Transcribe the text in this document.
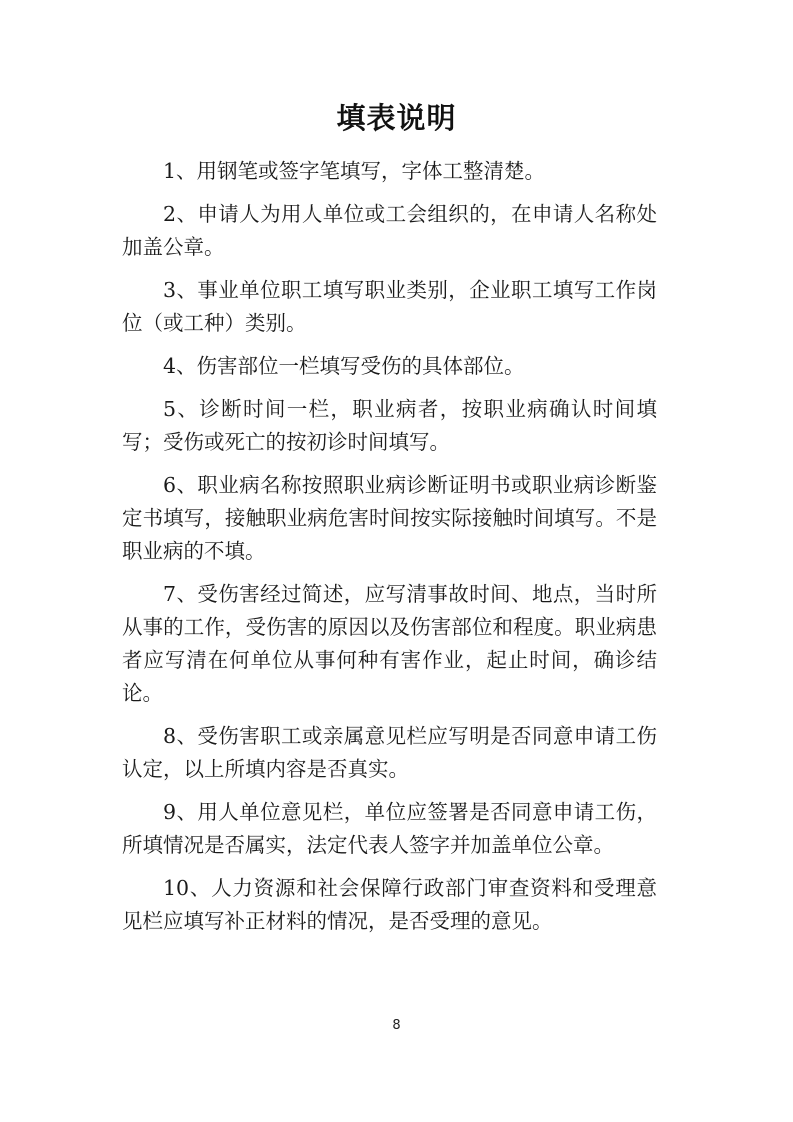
填表说明

1、用钢笔或签字笔填写，字体工整清楚。

2、申请人为用人单位或工会组织的，在申请人名称处加盖公章。

3、事业单位职工填写职业类别，企业职工填写工作岗位（或工种）类别。

4、伤害部位一栏填写受伤的具体部位。

5、诊断时间一栏，职业病者，按职业病确认时间填写；受伤或死亡的按初诊时间填写。

6、职业病名称按照职业病诊断证明书或职业病诊断鉴定书填写，接触职业病危害时间按实际接触时间填写。不是职业病的不填。

7、受伤害经过简述，应写清事故时间、地点，当时所从事的工作，受伤害的原因以及伤害部位和程度。职业病患者应写清在何单位从事何种有害作业，起止时间，确诊结论。

8、受伤害职工或亲属意见栏应写明是否同意申请工伤认定，以上所填内容是否真实。

9、用人单位意见栏，单位应签署是否同意申请工伤，所填情况是否属实，法定代表人签字并加盖单位公章。

10、人力资源和社会保障行政部门审查资料和受理意见栏应填写补正材料的情况，是否受理的意见。

8
